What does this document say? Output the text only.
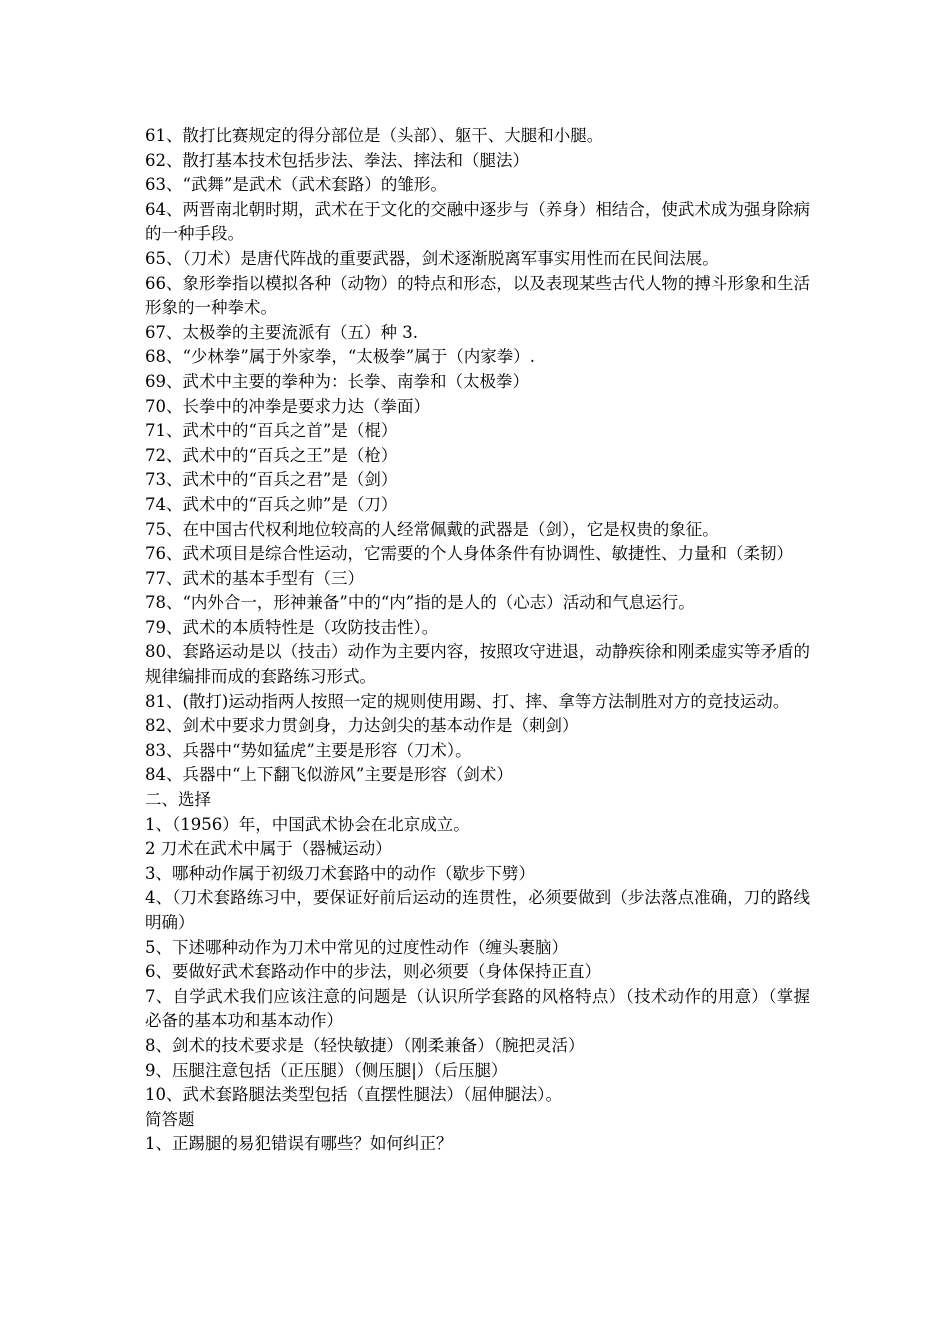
61、散打比赛规定的得分部位是（头部）、躯干、大腿和小腿。

62、散打基本技术包括步法、拳法、摔法和（腿法）

63、“武舞”是武术（武术套路）的雏形。

64、两晋南北朝时期，武术在于文化的交融中逐步与（养身）相结合，使武术成为强身除病的一种手段。

65、（刀术）是唐代阵战的重要武器，剑术逐渐脱离军事实用性而在民间法展。

66、象形拳指以模拟各种（动物）的特点和形态，以及表现某些古代人物的搏斗形象和生活形象的一种拳术。

67、太极拳的主要流派有（五）种 3.

68、“少林拳”属于外家拳，“太极拳”属于（内家拳）.

69、武术中主要的拳种为：长拳、南拳和（太极拳）

70、长拳中的冲拳是要求力达（拳面）

71、武术中的“百兵之首”是（棍）

72、武术中的“百兵之王”是（枪）

73、武术中的“百兵之君”是（剑）

74、武术中的“百兵之帅”是（刀）

75、在中国古代权利地位较高的人经常佩戴的武器是（剑），它是权贵的象征。

76、武术项目是综合性运动，它需要的个人身体条件有协调性、敏捷性、力量和（柔韧）

77、武术的基本手型有（三）

78、“内外合一，形神兼备”中的“内”指的是人的（心志）活动和气息运行。

79、武术的本质特性是（攻防技击性）。

80、套路运动是以（技击）动作为主要内容，按照攻守进退，动静疾徐和刚柔虚实等矛盾的规律编排而成的套路练习形式。

81、(散打)运动指两人按照一定的规则使用踢、打、摔、拿等方法制胜对方的竞技运动。

82、剑术中要求力贯剑身，力达剑尖的基本动作是（刺剑）

83、兵器中“势如猛虎”主要是形容（刀术）。

84、兵器中“上下翻飞似游风”主要是形容（剑术）

二、选择

1、（1956）年，中国武术协会在北京成立。

2 刀术在武术中属于（器械运动）

3、哪种动作属于初级刀术套路中的动作（歇步下劈）

4、（刀术套路练习中，要保证好前后运动的连贯性，必须要做到（步法落点准确，刀的路线明确）

5、下述哪种动作为刀术中常见的过度性动作（缠头裹脑）

6、要做好武术套路动作中的步法，则必须要（身体保持正直）

7、自学武术我们应该注意的问题是（认识所学套路的风格特点）（技术动作的用意）（掌握必备的基本功和基本动作）

8、剑术的技术要求是（轻快敏捷）（刚柔兼备）（腕把灵活）

9、压腿注意包括（正压腿）（侧压腿|）（后压腿）

10、武术套路腿法类型包括（直摆性腿法）（屈伸腿法）。

简答题

1、正踢腿的易犯错误有哪些？如何纠正？
